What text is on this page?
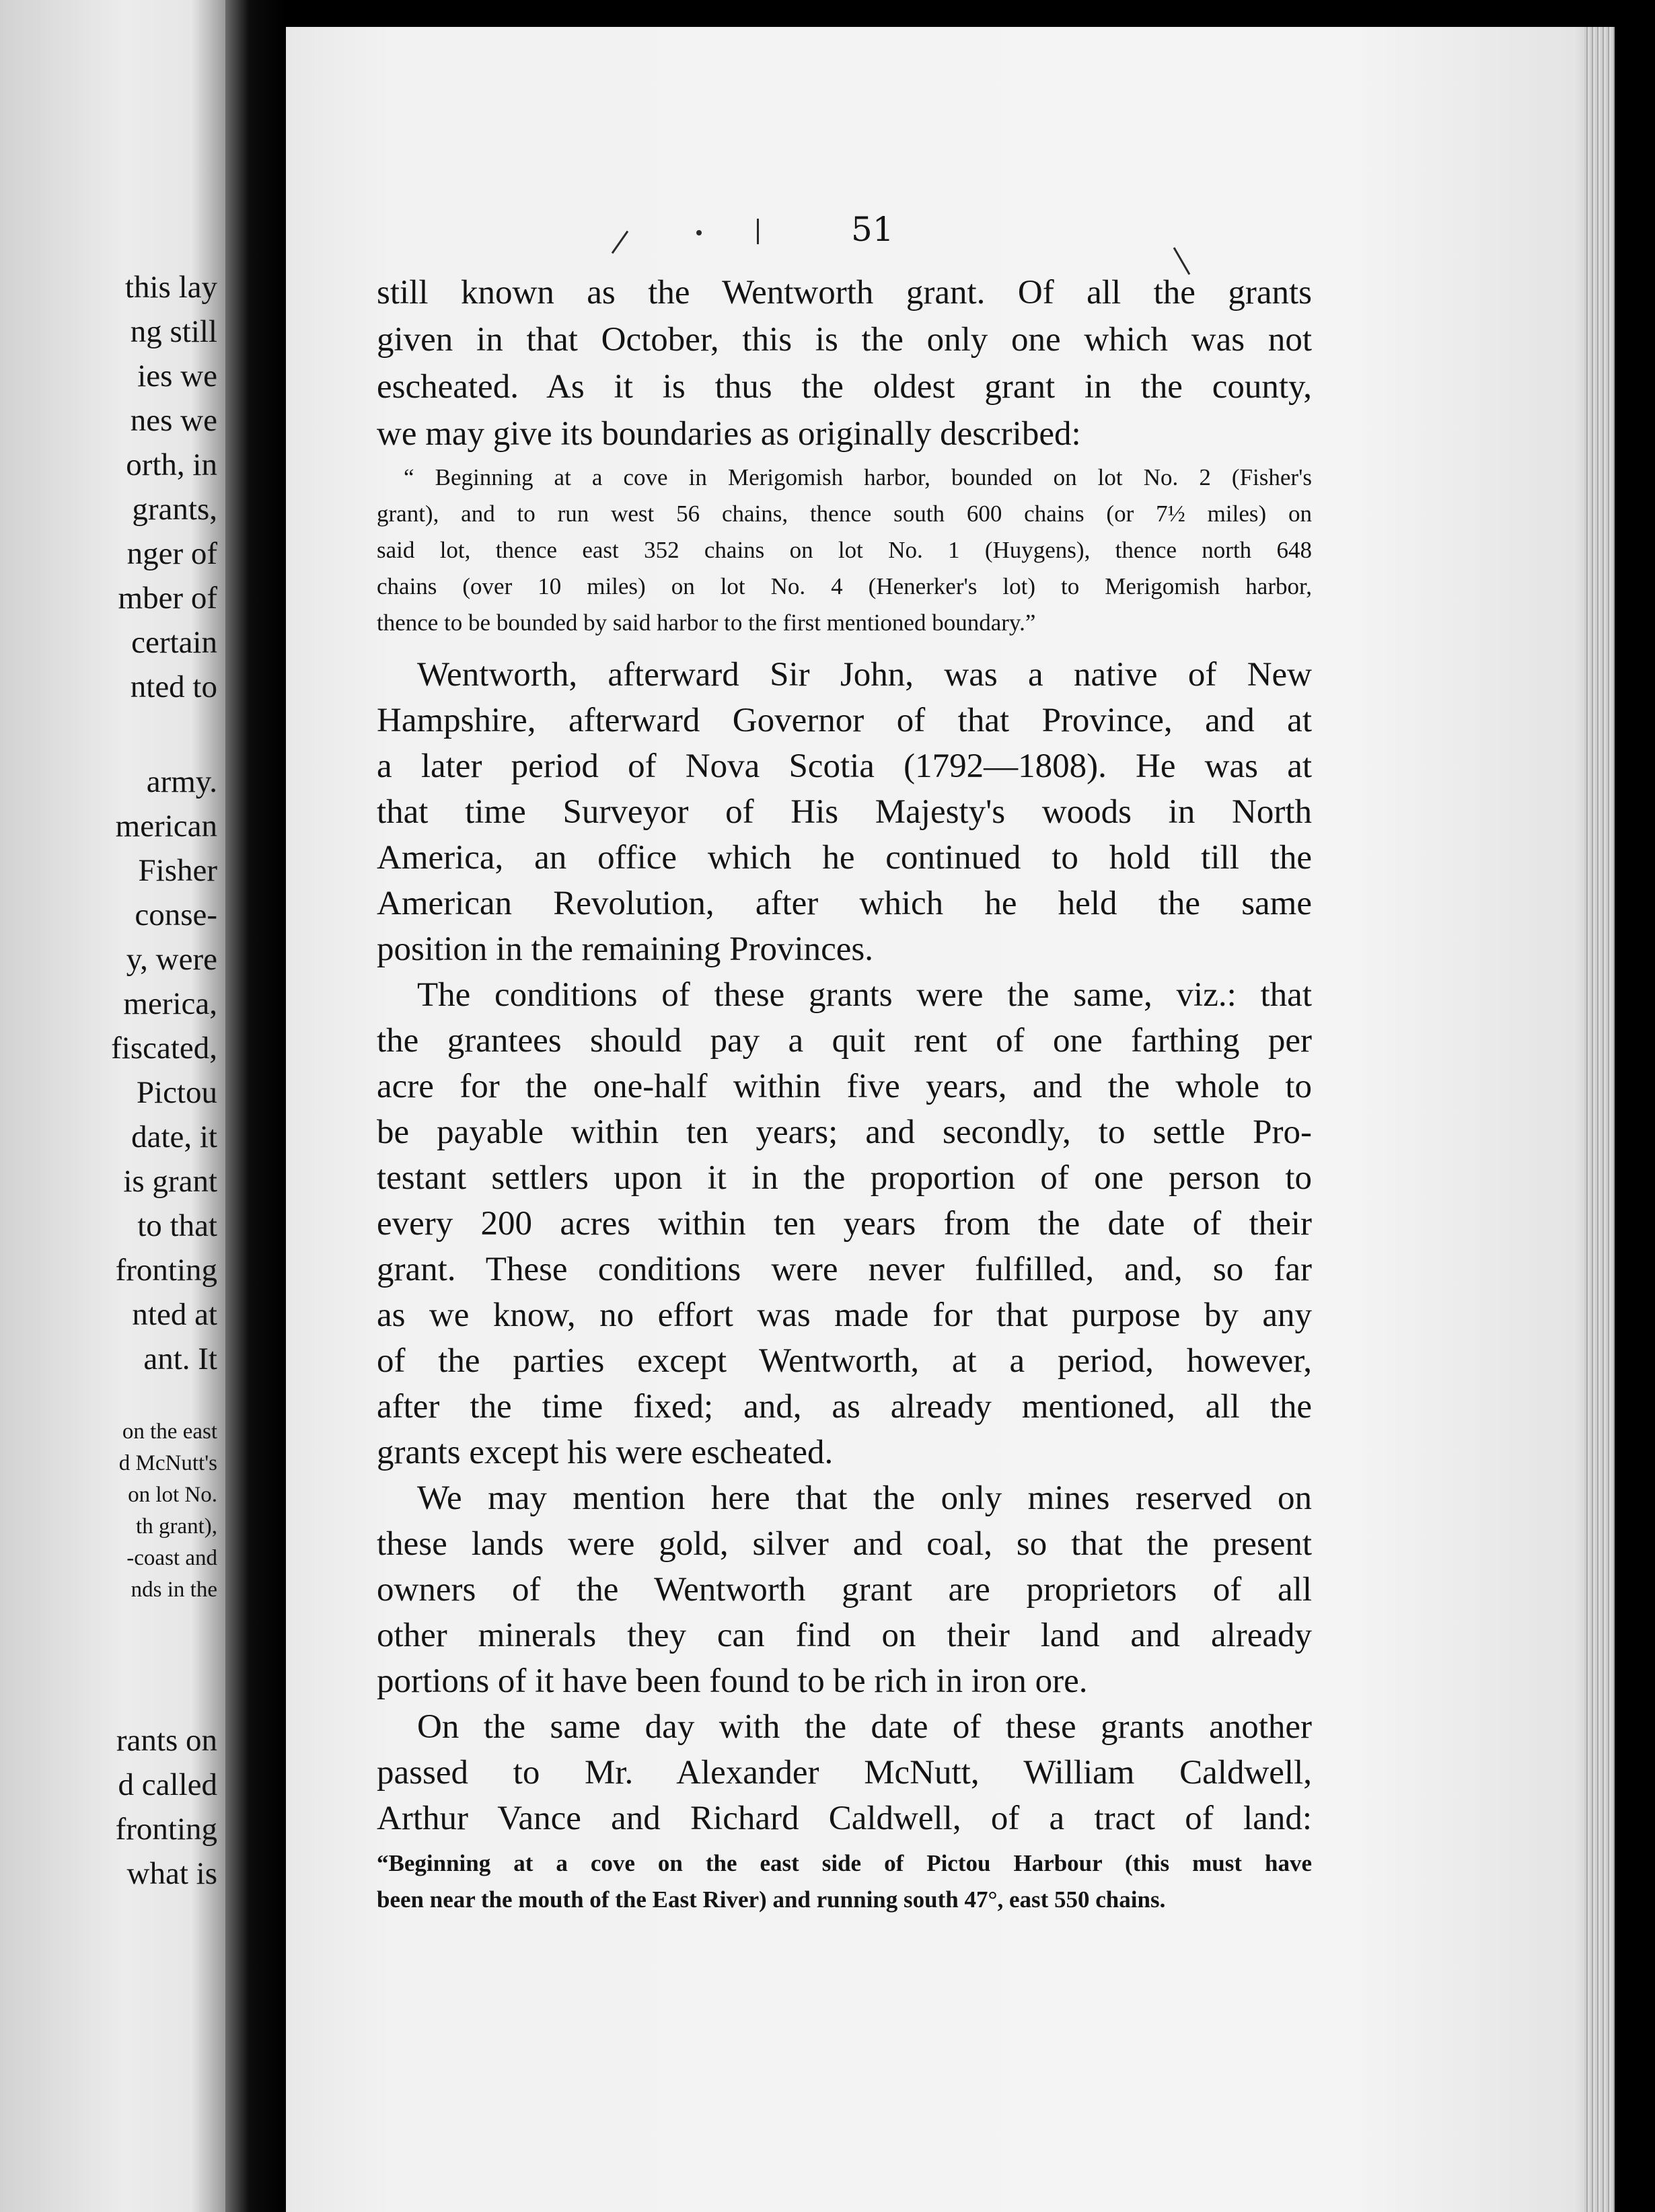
this lay
ng still
ies we
nes we
orth, in
grants,
nger of
mber of
certain
nted to
army.
merican
Fisher
conse-
y, were
merica,
fiscated,
Pictou
date, it
is grant
to that
fronting
nted at
ant. It
on the east
d McNutt's
on lot No.
th grant),
-coast and
nds in the
rants on
d called
fronting
what is
51
still known as the Wentworth grant. Of all the grants
given in that October, this is the only one which was not
escheated. As it is thus the oldest grant in the county,
we may give its boundaries as originally described:
“ Beginning at a cove in Merigomish harbor, bounded on lot No. 2 (Fisher's
grant), and to run west 56 chains, thence south 600 chains (or 7½ miles) on
said lot, thence east 352 chains on lot No. 1 (Huygens), thence north 648
chains (over 10 miles) on lot No. 4 (Henerker's lot) to Merigomish harbor,
thence to be bounded by said harbor to the first mentioned boundary.”
Wentworth, afterward Sir John, was a native of New
Hampshire, afterward Governor of that Province, and at
a later period of Nova Scotia (1792—1808). He was at
that time Surveyor of His Majesty's woods in North
America, an office which he continued to hold till the
American Revolution, after which he held the same
position in the remaining Provinces.
The conditions of these grants were the same, viz.: that
the grantees should pay a quit rent of one farthing per
acre for the one-half within five years, and the whole to
be payable within ten years; and secondly, to settle Pro-
testant settlers upon it in the proportion of one person to
every 200 acres within ten years from the date of their
grant. These conditions were never fulfilled, and, so far
as we know, no effort was made for that purpose by any
of the parties except Wentworth, at a period, however,
after the time fixed; and, as already mentioned, all the
grants except his were escheated.
We may mention here that the only mines reserved on
these lands were gold, silver and coal, so that the present
owners of the Wentworth grant are proprietors of all
other minerals they can find on their land and already
portions of it have been found to be rich in iron ore.
On the same day with the date of these grants another
passed to Mr. Alexander McNutt, William Caldwell,
Arthur Vance and Richard Caldwell, of a tract of land:
“Beginning at a cove on the east side of Pictou Harbour (this must have
been near the mouth of the East River) and running south 47°, east 550 chains.
